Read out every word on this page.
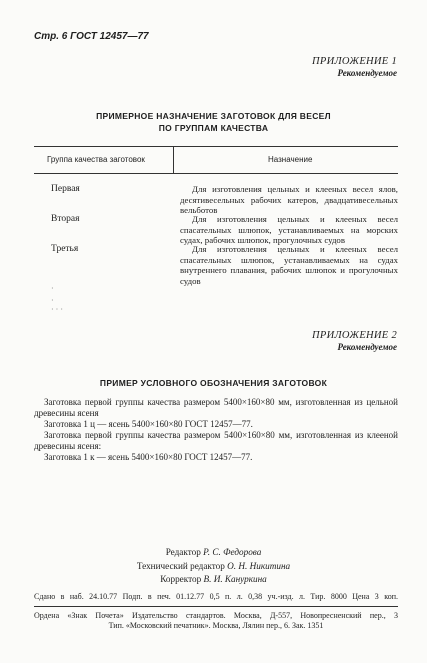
Стр. 6 ГОСТ 12457—77
ПРИЛОЖЕНИЕ 1
Рекомендуемое
ПРИМЕРНОЕ НАЗНАЧЕНИЕ ЗАГОТОВОК ДЛЯ ВЕСЕЛ
ПО ГРУППАМ КАЧЕСТВА
Группа качества заготовок	Назначение
Первая	Для изготовления цельных и клееных весел ялов, десятивесельных рабочих катеров, двадцативесельных вельботов

Вторая	Для изготовления цельных и клееных весел спасательных шлюпок, устанавливаемых на морских судах, рабочих шлюпок, прогулочных судов

Третья	Для изготовления цельных и клееных весел спасательных шлюпок, устанавливаемых на судах внутреннего плавания, рабочих шлюпок и прогулочных судов

·
·
· · ·
ПРИЛОЖЕНИЕ 2
Рекомендуемое
ПРИМЕР УСЛОВНОГО ОБОЗНАЧЕНИЯ ЗАГОТОВОК

Заготовка первой группы качества размером 5400×160×80 мм, изготовленная из цельной древесины ясеня

Заготовка 1 ц — ясень 5400×160×80 ГОСТ 12457—77.

Заготовка первой группы качества размером 5400×160×80 мм, изготовленная из клееной древесины ясеня:

Заготовка 1 к — ясень 5400×160×80 ГОСТ 12457—77.

Редактор Р. С. Федорова
Технический редактор О. Н. Никитина
Корректор В. И. Кануркина

Сдано в наб. 24.10.77 Подп. в печ. 01.12.77 0,5 п. л. 0,38 уч.-изд. л. Тир. 8000 Цена 3 коп.

Ордена «Знак Почета» Издательство стандартов. Москва, Д-557, Новопресненский пер., 3

Тип. «Московский печатник». Москва, Лялин пер., 6. Зак. 1351
